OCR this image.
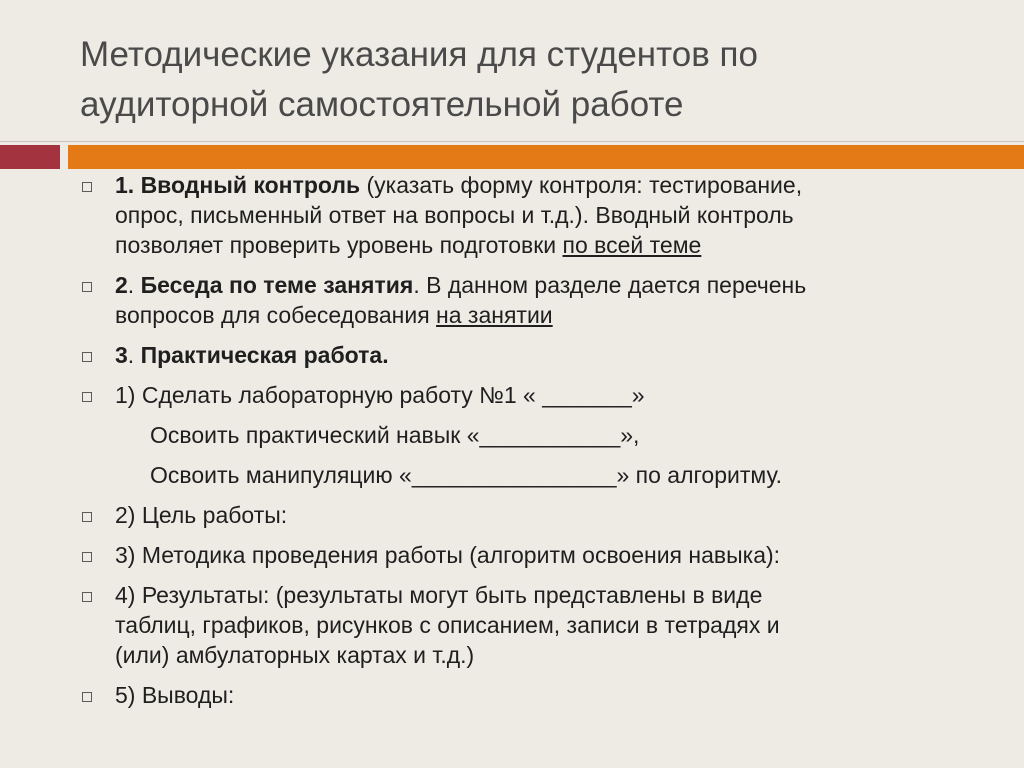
Методические указания для студентов по
аудиторной самостоятельной работе
1. Вводный контроль (указать форму контроля: тестирование,
опрос, письменный ответ на вопросы и т.д.). Вводный контроль
позволяет проверить уровень подготовки по всей теме
2. Беседа по теме занятия. В данном разделе дается перечень
вопросов для собеседования на занятии
3. Практическая работа.
1) Сделать лабораторную работу №1 « _______»
Освоить практический навык «___________»,
Освоить манипуляцию «________________» по алгоритму.
2) Цель работы:
3) Методика проведения работы (алгоритм освоения навыка):
4) Результаты: (результаты могут быть представлены в виде
таблиц, графиков, рисунков с описанием, записи в тетрадях и
(или) амбулаторных картах и т.д.)
5) Выводы:
